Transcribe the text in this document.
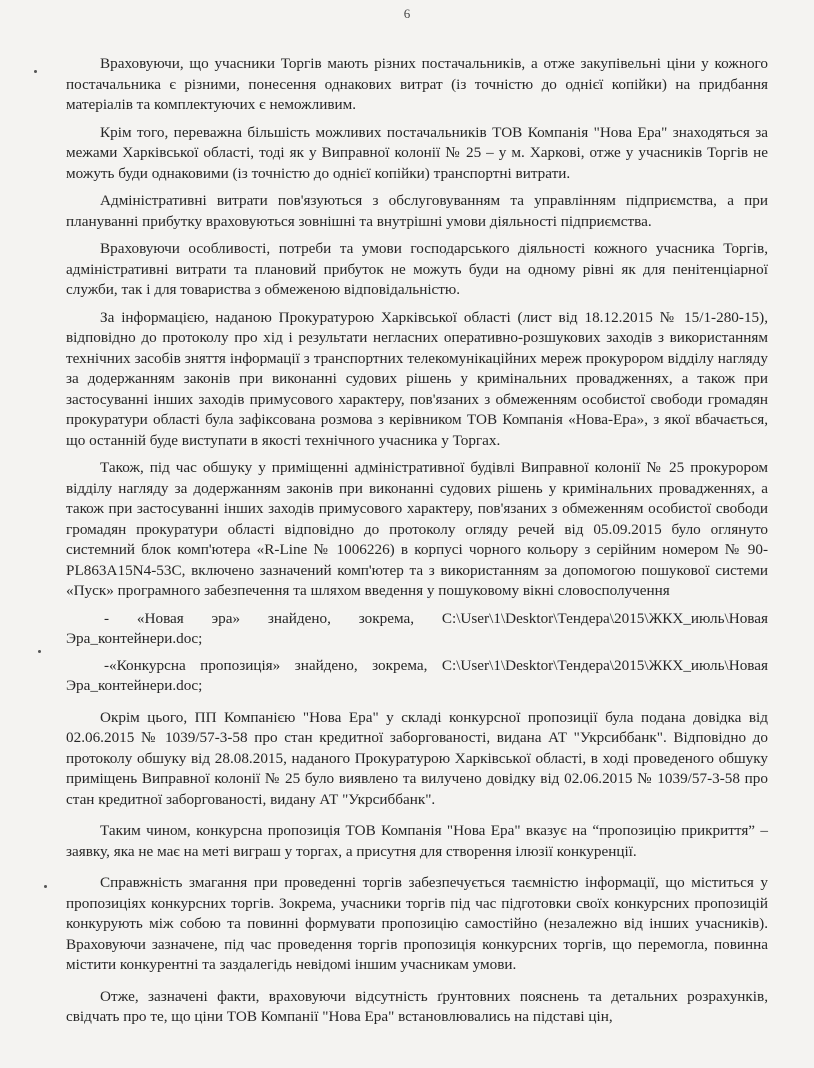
6

Враховуючи, що учасники Торгів мають різних постачальників, а отже закупівельні ціни у кожного постачальника є різними, понесення однакових витрат (із точністю до однієї копійки) на придбання матеріалів та комплектуючих є неможливим.

Крім того, переважна більшість можливих постачальників ТОВ Компанія "Нова Ера" знаходяться за межами Харківської області, тоді як у Виправної колонії № 25 – у м. Харкові, отже у учасників Торгів не можуть буди однаковими (із точністю до однієї копійки) транспортні витрати.

Адміністративні витрати пов'язуються з обслуговуванням та управлінням підприємства, а при плануванні прибутку враховуються зовнішні та внутрішні умови діяльності підприємства.

Враховуючи особливості, потреби та умови господарського діяльності кожного учасника Торгів, адміністративні витрати та плановий прибуток не можуть буди на одному рівні як для пенітенціарної служби, так і для товариства з обмеженою відповідальністю.

За інформацією, наданою Прокуратурою Харківської області (лист від 18.12.2015 № 15/1-280-15), відповідно до протоколу про хід і результати негласних оперативно-розшукових заходів з використанням технічних засобів зняття інформації з транспортних телекомунікаційних мереж прокурором відділу нагляду за додержанням законів при виконанні судових рішень у кримінальних провадженнях, а також при застосуванні інших заходів примусового характеру, пов'язаних з обмеженням особистої свободи громадян прокуратури області була зафіксована розмова з керівником ТОВ Компанія «Нова-Ера», з якої вбачається, що останній буде виступати в якості технічного учасника у Торгах.

Також, під час обшуку у приміщенні адміністративної будівлі Виправної колонії № 25 прокурором відділу нагляду за додержанням законів при виконанні судових рішень у кримінальних провадженнях, а також при застосуванні інших заходів примусового характеру, пов'язаних з обмеженням особистої свободи громадян прокуратури області відповідно до протоколу огляду речей від 05.09.2015 було оглянуто системний блок комп'ютера «R-Line № 1006226) в корпусі чорного кольору з серійним номером № 90-PL863A15N4-53C, включено зазначений комп'ютер та з використанням за допомогою пошукової системи «Пуск» програмного забезпечення та шляхом введення у пошуковому вікні словосполучення

- «Новая эра» знайдено, зокрема, C:\User\1\Desktor\Тендера\2015\ЖКХ_июль\Новая Эра_контейнери.doc;

-«Конкурсна пропозиція» знайдено, зокрема, C:\User\1\Desktor\Тендера\2015\ЖКХ_июль\Новая Эра_контейнери.doc;

Окрім цього, ПП Компанією "Нова Ера" у складі конкурсної пропозиції була подана довідка від 02.06.2015 № 1039/57-3-58 про стан кредитної заборгованості, видана АТ "Укрсиббанк". Відповідно до протоколу обшуку від 28.08.2015, наданого Прокуратурою Харківської області, в ході проведеного обшуку приміщень Виправної колонії № 25 було виявлено та вилучено довідку від 02.06.2015 № 1039/57-3-58 про стан кредитної заборгованості, видану АТ "Укрсиббанк".

Таким чином, конкурсна пропозиція ТОВ Компанія "Нова Ера" вказує на “пропозицію прикриття” – заявку, яка не має на меті виграш у торгах, а присутня для створення ілюзії конкуренції.

Справжність змагання при проведенні торгів забезпечується таємністю інформації, що міститься у пропозиціях конкурсних торгів. Зокрема, учасники торгів під час підготовки своїх конкурсних пропозицій конкурують між собою та повинні формувати пропозицію самостійно (незалежно від інших учасників). Враховуючи зазначене, під час проведення торгів пропозиція конкурсних торгів, що перемогла, повинна містити конкурентні та заздалегідь невідомі іншим учасникам умови.

Отже, зазначені факти, враховуючи відсутність ґрунтовних пояснень та детальних розрахунків, свідчать про те, що ціни ТОВ Компанії "Нова Ера" встановлювались на підставі цін,
